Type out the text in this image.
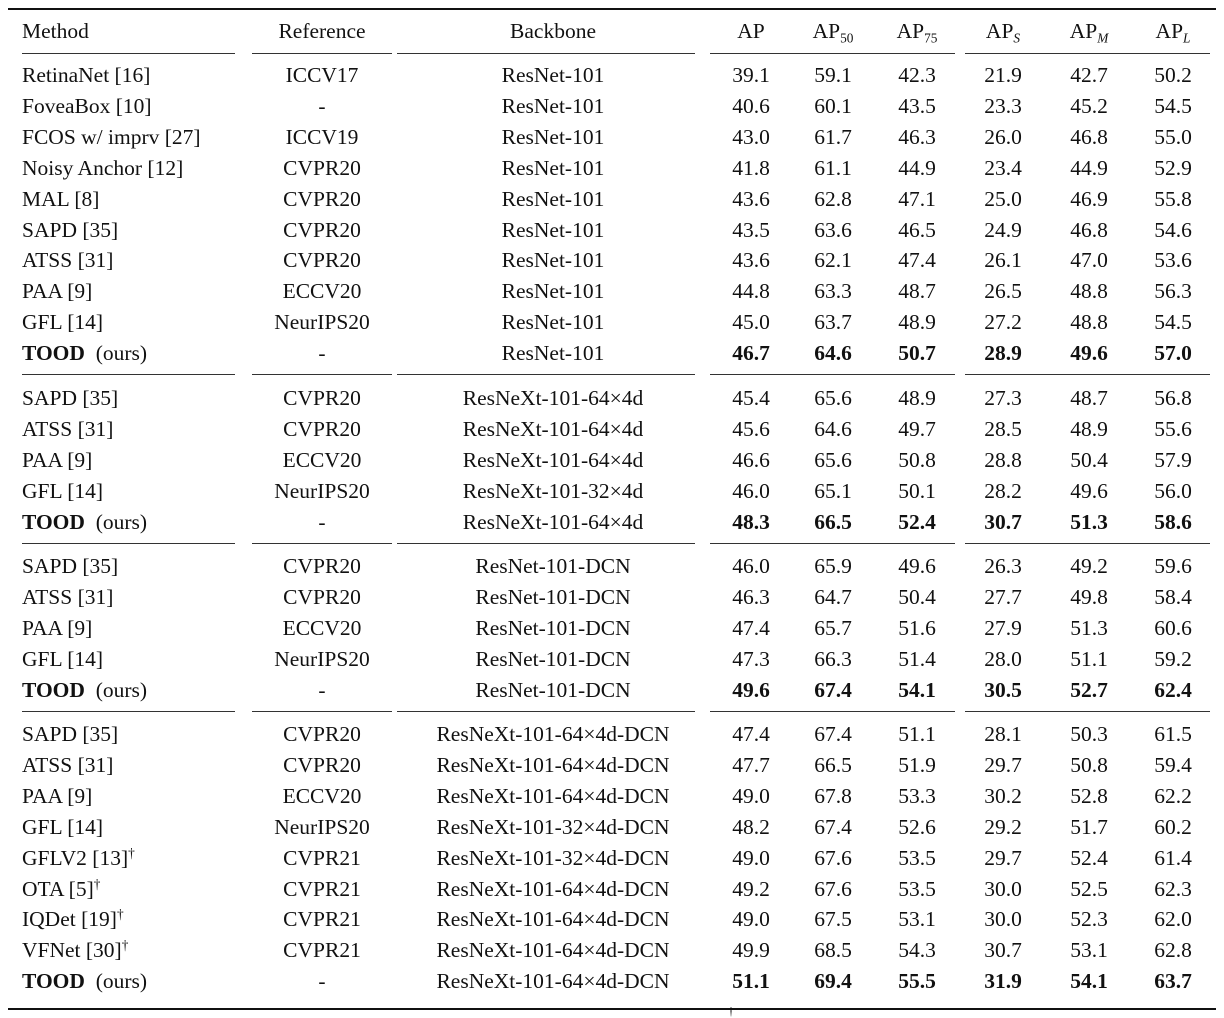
Method	Reference	Backbone	AP	$AP_{50}$	$AP_{75}$	$AP_S$	$AP_M$	$AP_L$
RetinaNet [16]	ICCV17	ResNet-101	39.1	59.1	42.3	21.9	42.7	50.2
FoveaBox [10]	-	ResNet-101	40.6	60.1	43.5	23.3	45.2	54.5
FCOS w/ imprv [27]	ICCV19	ResNet-101	43.0	61.7	46.3	26.0	46.8	55.0
Noisy Anchor [12]	CVPR20	ResNet-101	41.8	61.1	44.9	23.4	44.9	52.9
MAL [8]	CVPR20	ResNet-101	43.6	62.8	47.1	25.0	46.9	55.8
SAPD [35]	CVPR20	ResNet-101	43.5	63.6	46.5	24.9	46.8	54.6
ATSS [31]	CVPR20	ResNet-101	43.6	62.1	47.4	26.1	47.0	53.6
PAA [9]	ECCV20	ResNet-101	44.8	63.3	48.7	26.5	48.8	56.3
GFL [14]	NeurIPS20	ResNet-101	45.0	63.7	48.9	27.2	48.8	54.5
TOOD  (ours)	-	ResNet-101	46.7	64.6	50.7	28.9	49.6	57.0
SAPD [35]	CVPR20	ResNeXt-101-64×4d	45.4	65.6	48.9	27.3	48.7	56.8
ATSS [31]	CVPR20	ResNeXt-101-64×4d	45.6	64.6	49.7	28.5	48.9	55.6
PAA [9]	ECCV20	ResNeXt-101-64×4d	46.6	65.6	50.8	28.8	50.4	57.9
GFL [14]	NeurIPS20	ResNeXt-101-32×4d	46.0	65.1	50.1	28.2	49.6	56.0
TOOD  (ours)	-	ResNeXt-101-64×4d	48.3	66.5	52.4	30.7	51.3	58.6
SAPD [35]	CVPR20	ResNet-101-DCN	46.0	65.9	49.6	26.3	49.2	59.6
ATSS [31]	CVPR20	ResNet-101-DCN	46.3	64.7	50.4	27.7	49.8	58.4
PAA [9]	ECCV20	ResNet-101-DCN	47.4	65.7	51.6	27.9	51.3	60.6
GFL [14]	NeurIPS20	ResNet-101-DCN	47.3	66.3	51.4	28.0	51.1	59.2
TOOD  (ours)	-	ResNet-101-DCN	49.6	67.4	54.1	30.5	52.7	62.4
SAPD [35]	CVPR20	ResNeXt-101-64×4d-DCN	47.4	67.4	51.1	28.1	50.3	61.5
ATSS [31]	CVPR20	ResNeXt-101-64×4d-DCN	47.7	66.5	51.9	29.7	50.8	59.4
PAA [9]	ECCV20	ResNeXt-101-64×4d-DCN	49.0	67.8	53.3	30.2	52.8	62.2
GFL [14]	NeurIPS20	ResNeXt-101-32×4d-DCN	48.2	67.4	52.6	29.2	51.7	60.2
GFLV2 [13]†	CVPR21	ResNeXt-101-32×4d-DCN	49.0	67.6	53.5	29.7	52.4	61.4
OTA [5]†	CVPR21	ResNeXt-101-64×4d-DCN	49.2	67.6	53.5	30.0	52.5	62.3
IQDet [19]†	CVPR21	ResNeXt-101-64×4d-DCN	49.0	67.5	53.1	30.0	52.3	62.0
VFNet [30]†	CVPR21	ResNeXt-101-64×4d-DCN	49.9	68.5	54.3	30.7	53.1	62.8
TOOD  (ours)	-	ResNeXt-101-64×4d-DCN	51.1	69.4	55.5	31.9	54.1	63.7
†
